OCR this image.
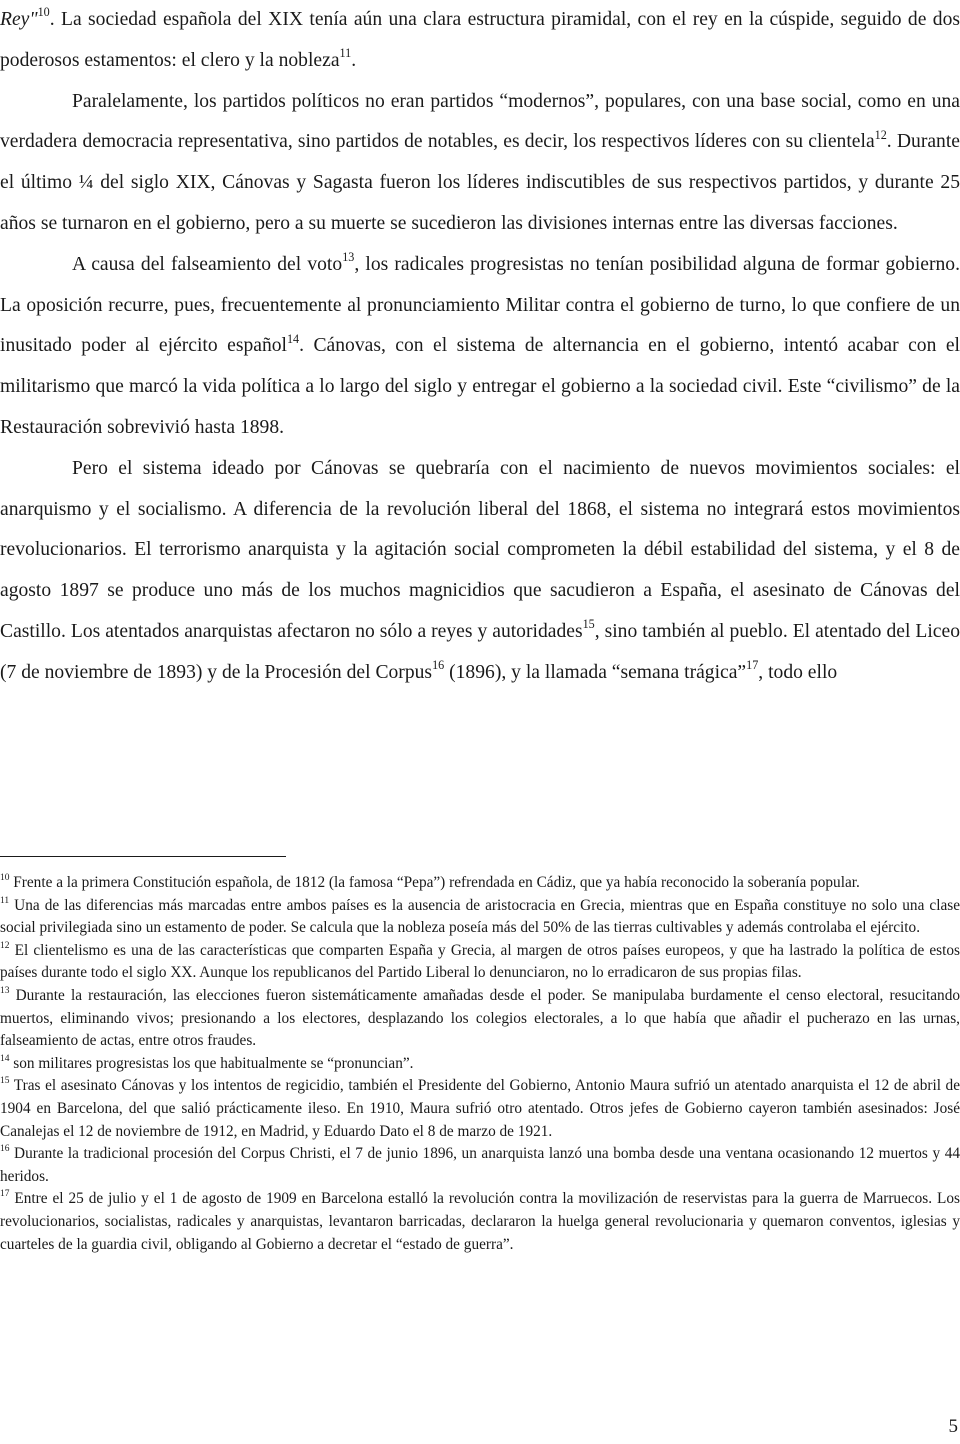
Rey"$^{10}$. La sociedad española del XIX tenía aún una clara estructura piramidal, con el rey en la cúspide, seguido de dos poderosos estamentos: el clero y la nobleza$^{11}$.

Paralelamente, los partidos políticos no eran partidos “modernos”, populares, con una base social, como en una verdadera democracia representativa, sino partidos de notables, es decir, los respectivos líderes con su clientela$^{12}$. Durante el último ¼ del siglo XIX, Cánovas y Sagasta fueron los líderes indiscutibles de sus respectivos partidos, y durante 25 años se turnaron en el gobierno, pero a su muerte se sucedieron las divisiones internas entre las diversas facciones.

A causa del falseamiento del voto$^{13}$, los radicales progresistas no tenían posibilidad alguna de formar gobierno. La oposición recurre, pues, frecuentemente al pronunciamiento Militar contra el gobierno de turno, lo que confiere de un inusitado poder al ejército español$^{14}$. Cánovas, con el sistema de alternancia en el gobierno, intentó acabar con el militarismo que marcó la vida política a lo largo del siglo y entregar el gobierno a la sociedad civil. Este “civilismo” de la Restauración sobrevivió hasta 1898.

Pero el sistema ideado por Cánovas se quebraría con el nacimiento de nuevos movimientos sociales: el anarquismo y el socialismo. A diferencia de la revolución liberal del 1868, el sistema no integrará estos movimientos revolucionarios. El terrorismo anarquista y la agitación social comprometen la débil estabilidad del sistema, y el 8 de agosto 1897 se produce uno más de los muchos magnicidios que sacudieron a España, el asesinato de Cánovas del Castillo. Los atentados anarquistas afectaron no sólo a reyes y autoridades$^{15}$, sino también al pueblo. El atentado del Liceo (7 de noviembre de 1893) y de la Procesión del Corpus$^{16}$ (1896), y la llamada “semana trágica”$^{17}$, todo ello

$^{10}$ Frente a la primera Constitución española, de 1812 (la famosa “Pepa”) refrendada en Cádiz, que ya había reconocido la soberanía popular.

$^{11}$ Una de las diferencias más marcadas entre ambos países es la ausencia de aristocracia en Grecia, mientras que en España constituye no solo una clase social privilegiada sino un estamento de poder. Se calcula que la nobleza poseía más del 50% de las tierras cultivables y además controlaba el ejército.

$^{12}$ El clientelismo es una de las características que comparten España y Grecia, al margen de otros países europeos, y que ha lastrado la política de estos países durante todo el siglo XX. Aunque los republicanos del Partido Liberal lo denunciaron, no lo erradicaron de sus propias filas.

$^{13}$ Durante la restauración, las elecciones fueron sistemáticamente amañadas desde el poder. Se manipulaba burdamente el censo electoral, resucitando muertos, eliminando vivos; presionando a los electores, desplazando los colegios electorales, a lo que había que añadir el pucherazo en las urnas, falseamiento de actas, entre otros fraudes.

$^{14}$ son militares progresistas los que habitualmente se “pronuncian”.

$^{15}$ Tras el asesinato Cánovas y los intentos de regicidio, también el Presidente del Gobierno, Antonio Maura sufrió un atentado anarquista el 12 de abril de 1904 en Barcelona, del que salió prácticamente ileso. En 1910, Maura sufrió otro atentado. Otros jefes de Gobierno cayeron también asesinados: José Canalejas el 12 de noviembre de 1912, en Madrid, y Eduardo Dato el 8 de marzo de 1921.

$^{16}$ Durante la tradicional procesión del Corpus Christi, el 7 de junio 1896, un anarquista lanzó una bomba desde una ventana ocasionando 12 muertos y 44 heridos.

$^{17}$ Entre el 25 de julio y el 1 de agosto de 1909 en Barcelona estalló la revolución contra la movilización de reservistas para la guerra de Marruecos. Los revolucionarios, socialistas, radicales y anarquistas, levantaron barricadas, declararon la huelga general revolucionaria y quemaron conventos, iglesias y cuarteles de la guardia civil, obligando al Gobierno a decretar el “estado de guerra”.

5
